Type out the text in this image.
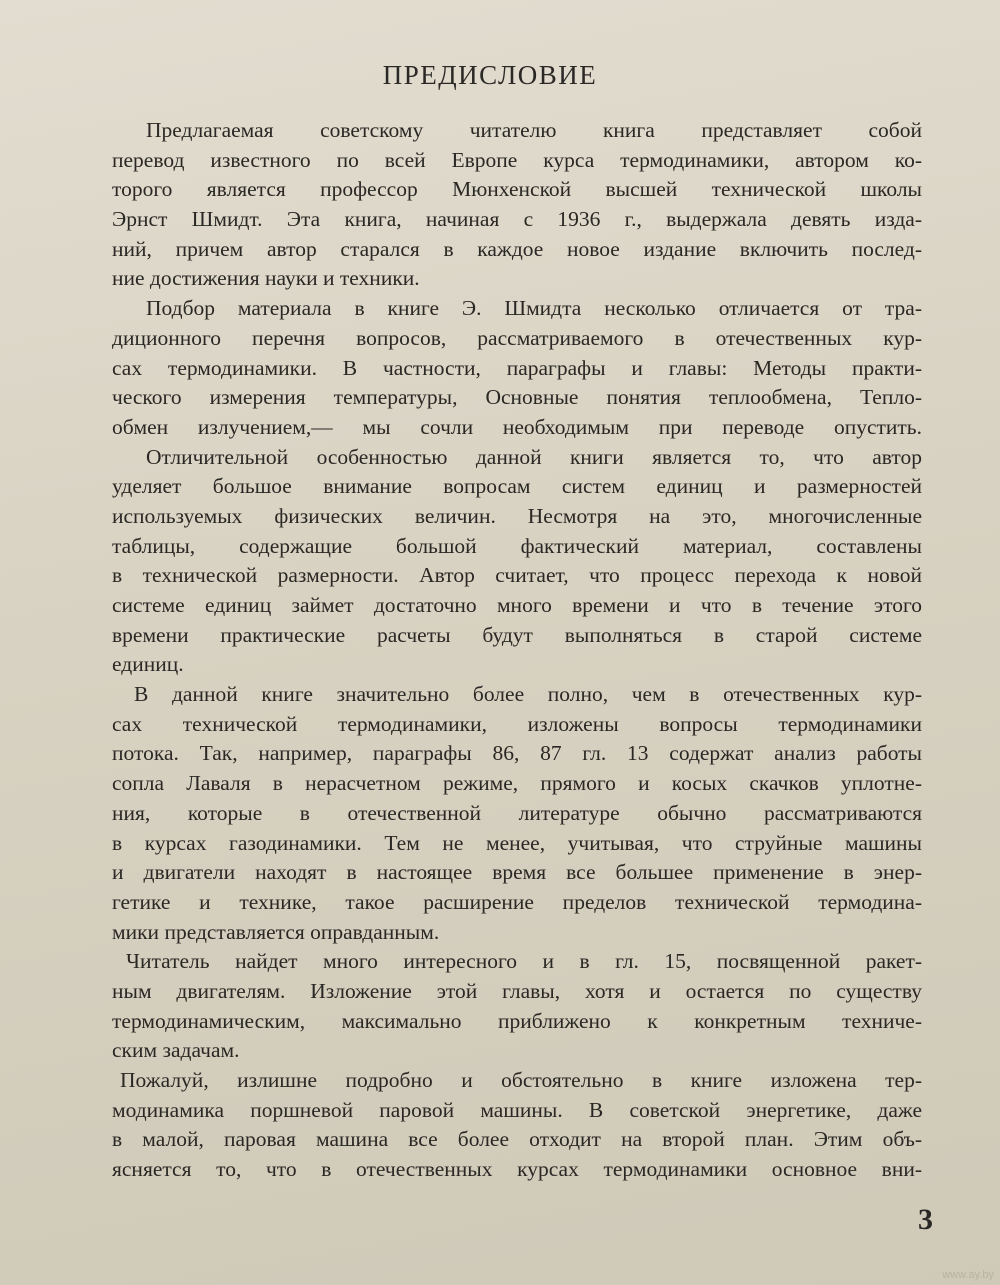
ПРЕДИСЛОВИЕ
Предлагаемая советскому читателю книга представляет собой
перевод известного по всей Европе курса термодинамики, автором ко-
торого является профессор Мюнхенской высшей технической школы
Эрнст Шмидт. Эта книга, начиная с 1936 г., выдержала девять изда-
ний, причем автор старался в каждое новое издание включить послед-
ние достижения науки и техники.
Подбор материала в книге Э. Шмидта несколько отличается от тра-
диционного перечня вопросов, рассматриваемого в отечественных кур-
сах термодинамики. В частности, параграфы и главы: Методы практи-
ческого измерения температуры, Основные понятия теплообмена, Тепло-
обмен излучением,— мы сочли необходимым при переводе опустить.
Отличительной особенностью данной книги является то, что автор
уделяет большое внимание вопросам систем единиц и размерностей
используемых физических величин. Несмотря на это, многочисленные
таблицы, содержащие большой фактический материал, составлены
в технической размерности. Автор считает, что процесс перехода к новой
системе единиц займет достаточно много времени и что в течение этого
времени практические расчеты будут выполняться в старой системе
единиц.
В данной книге значительно более полно, чем в отечественных кур-
сах технической термодинамики, изложены вопросы термодинамики
потока. Так, например, параграфы 86, 87 гл. 13 содержат анализ работы
сопла Лаваля в нерасчетном режиме, прямого и косых скачков уплотне-
ния, которые в отечественной литературе обычно рассматриваются
в курсах газодинамики. Тем не менее, учитывая, что струйные машины
и двигатели находят в настоящее время все большее применение в энер-
гетике и технике, такое расширение пределов технической термодина-
мики представляется оправданным.
Читатель найдет много интересного и в гл. 15, посвященной ракет-
ным двигателям. Изложение этой главы, хотя и остается по существу
термодинамическим, максимально приближено к конкретным техниче-
ским задачам.
Пожалуй, излишне подробно и обстоятельно в книге изложена тер-
модинамика поршневой паровой машины. В советской энергетике, даже
в малой, паровая машина все более отходит на второй план. Этим объ-
ясняется то, что в отечественных курсах термодинамики основное вни-
3
www.ay.by
